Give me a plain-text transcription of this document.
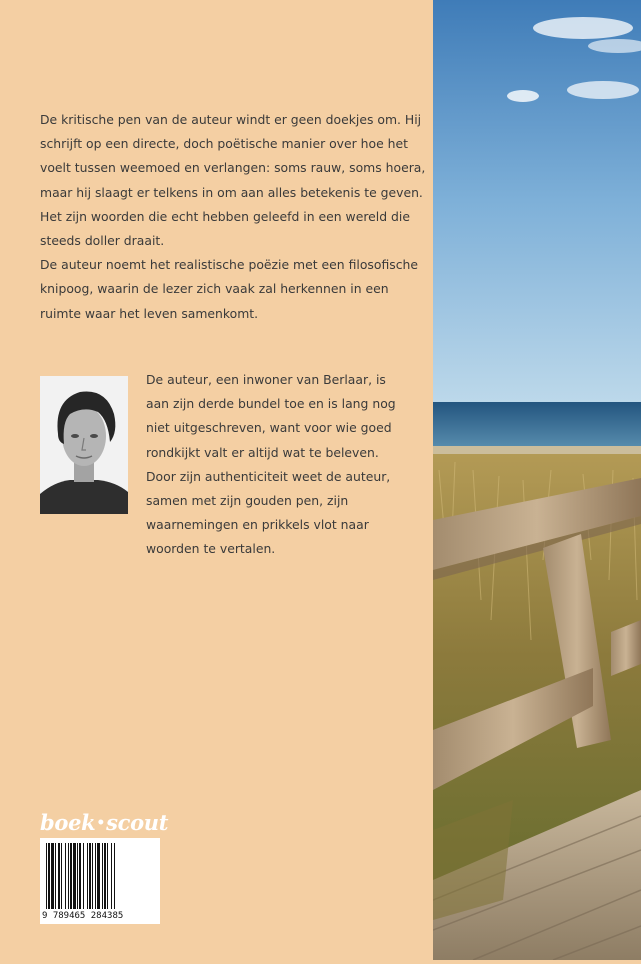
De kritische pen van de auteur windt er geen doekjes om. Hij
schrijft op een directe, doch poëtische manier over hoe het
voelt tussen weemoed en verlangen: soms rauw, soms hoera,
maar hij slaagt er telkens in om aan alles betekenis te geven.
Het zijn woorden die echt hebben geleefd in een wereld die
steeds doller draait.
De auteur noemt het realistische poëzie met een filosofische
knipoog, waarin de lezer zich vaak zal herkennen in een
ruimte waar het leven samenkomt.
De auteur, een inwoner van Berlaar, is
aan zijn derde bundel toe en is lang nog
niet uitgeschreven, want voor wie goed
rondkijkt valt er altijd wat te beleven.
Door zijn authenticiteit weet de auteur,
samen met zijn gouden pen, zijn
waarnemingen en prikkels vlot naar
woorden te vertalen.
boek•scout
9 789465 284385
